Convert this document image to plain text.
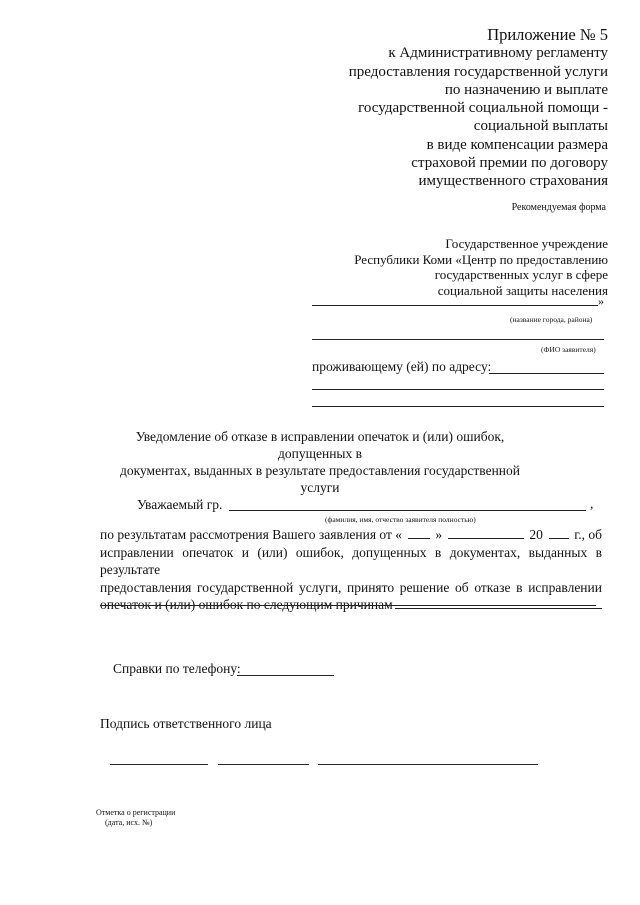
Приложение № 5
к Административному регламенту
предоставления государственной услуги
по назначению и выплате
государственной социальной помощи -
социальной выплаты
в виде компенсации размера
страховой премии по договору
имущественного страхования
Рекомендуемая форма
Государственное учреждение
Республики Коми «Центр по предоставлению
государственных услуг в сфере
социальной защиты населения
»
(название города, района)
(ФИО заявителя)
проживающему (ей) по адресу:
Уведомление об отказе в исправлении опечаток и (или) ошибок, допущенных в
документах, выданных в результате предоставления государственной услуги
Уважаемый гр.	,
(фамилия, имя, отчество заявителя полностью)
по результатам рассмотрения Вашего заявления от « »	20 г., об
исправлении опечаток и (или) ошибок, допущенных в документах, выданных в результате
предоставления государственной услуги, принято решение об отказе в исправлении
опечаток и (или) ошибок по следующим причинам
Справки по телефону:
Подпись ответственного лица
Отметка о регистрации
(дата, исх. №)
